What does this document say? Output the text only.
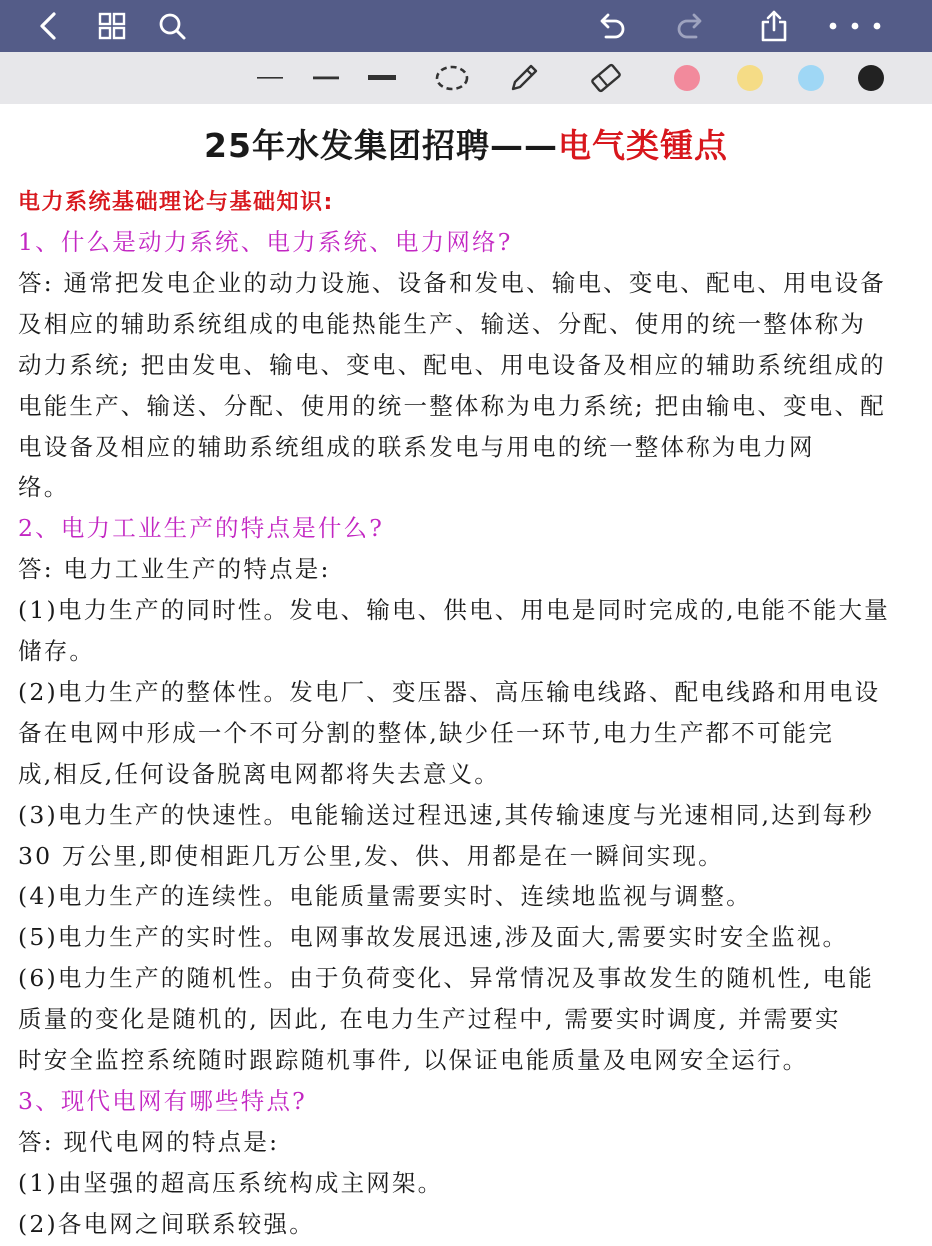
25年水发集团招聘——电气类锺点
电力系统基础理论与基础知识:
1、什么是动力系统、电力系统、电力网络?
答: 通常把发电企业的动力设施、设备和发电、输电、变电、配电、用电设备
及相应的辅助系统组成的电能热能生产、输送、分配、使用的统一整体称为
动力系统; 把由发电、输电、变电、配电、用电设备及相应的辅助系统组成的
电能生产、输送、分配、使用的统一整体称为电力系统; 把由输电、变电、配
电设备及相应的辅助系统组成的联系发电与用电的统一整体称为电力网
络。
2、电力工业生产的特点是什么?
答: 电力工业生产的特点是:
(1)电力生产的同时性。发电、输电、供电、用电是同时完成的,电能不能大量
储存。
(2)电力生产的整体性。发电厂、变压器、高压输电线路、配电线路和用电设
备在电网中形成一个不可分割的整体,缺少任一环节,电力生产都不可能完
成,相反,任何设备脱离电网都将失去意义。
(3)电力生产的快速性。电能输送过程迅速,其传输速度与光速相同,达到每秒
30 万公里,即使相距几万公里,发、供、用都是在一瞬间实现。
(4)电力生产的连续性。电能质量需要实时、连续地监视与调整。
(5)电力生产的实时性。电网事故发展迅速,涉及面大,需要实时安全监视。
(6)电力生产的随机性。由于负荷变化、异常情况及事故发生的随机性, 电能
质量的变化是随机的, 因此, 在电力生产过程中, 需要实时调度, 并需要实
时安全监控系统随时跟踪随机事件, 以保证电能质量及电网安全运行。
3、现代电网有哪些特点?
答: 现代电网的特点是:
(1)由坚强的超高压系统构成主网架。
(2)各电网之间联系较强。
